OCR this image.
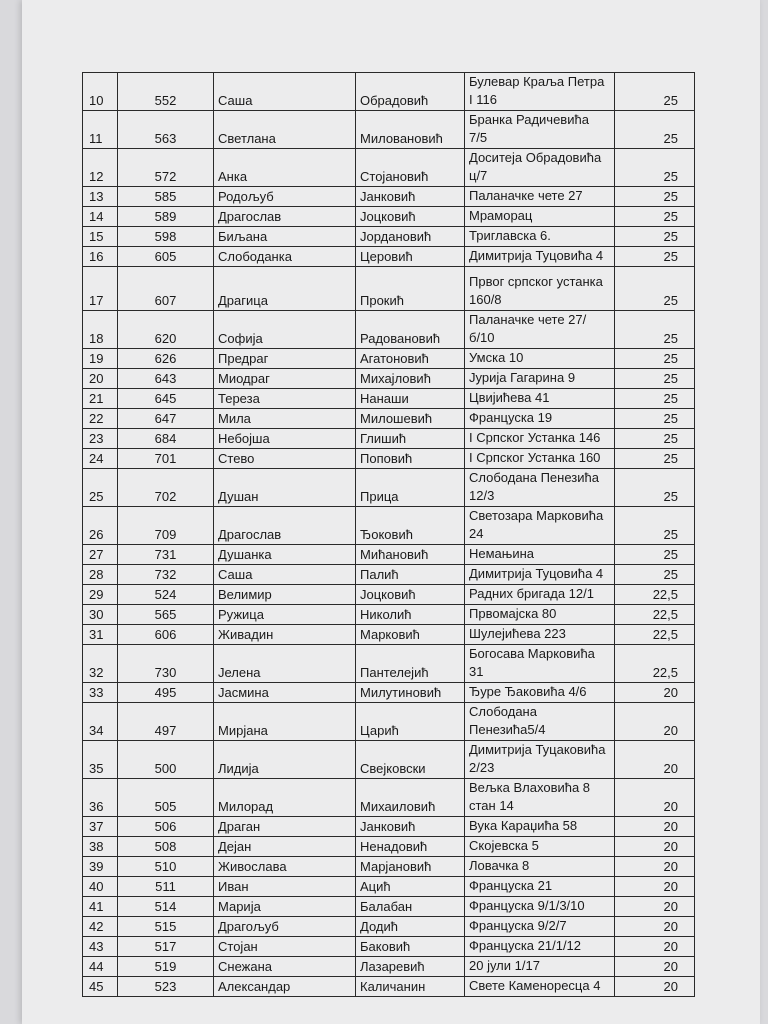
10	552	Саша	Обрадовић	Булевар Краља Петра I 116	25
11	563	Светлана	Миловановић	Бранка Радичевића 7/5	25
12	572	Анка	Стојановић	Доситеја Обрадовића ц/7	25
13	585	Родољуб	Јанковић	Паланачке чете 27	25
14	589	Драгослав	Јоцковић	Мраморац	25
15	598	Биљана	Јордановић	Триглавска 6.	25
16	605	Слободанка	Церовић	Димитрија Туцовића 4	25
17	607	Драгица	Прокић	Првог српског устанка 160/8	25
18	620	Софија	Радовановић	Паланачке чете 27/б/10	25
19	626	Предраг	Агатоновић	Умска 10	25
20	643	Миодраг	Михајловић	Јурија Гагарина 9	25
21	645	Тереза	Нанаши	Цвијићева 41	25
22	647	Мила	Милошевић	Француска 19	25
23	684	Небојша	Глишић	I Српског Устанка 146	25
24	701	Стево	Поповић	I Српског Устанка 160	25
25	702	Душан	Прица	Слободана Пенезића 12/3	25
26	709	Драгослав	Ђоковић	Светозара Марковића 24	25
27	731	Душанка	Мићановић	Немањина	25
28	732	Саша	Палић	Димитрија Туцовића 4	25
29	524	Велимир	Јоцковић	Радних бригада 12/1	22,5
30	565	Ружица	Николић	Првомајска 80	22,5
31	606	Живадин	Марковић	Шулејићева 223	22,5
32	730	Јелена	Пантелејић	Богосава Марковића 31	22,5
33	495	Јасмина	Милутиновић	Ђуре Ђаковића 4/6	20
34	497	Мирјана	Царић	Слободана Пенезића5/4	20
35	500	Лидија	Свејковски	Димитрија Туцаковића 2/23	20
36	505	Милорад	Михаиловић	Вељка Влаховића 8 стан 14	20
37	506	Драган	Јанковић	Вука Караџића 58	20
38	508	Дејан	Ненадовић	Скојевска 5	20
39	510	Живослава	Марјановић	Ловачка 8	20
40	511	Иван	Ацић	Француска 21	20
41	514	Марија	Балабан	Француска 9/1/3/10	20
42	515	Драгољуб	Додић	Француска 9/2/7	20
43	517	Стојан	Баковић	Француска 21/1/12	20
44	519	Снежана	Лазаревић	20 јули 1/17	20
45	523	Александар	Каличанин	Свете Каменоресца 4	20
